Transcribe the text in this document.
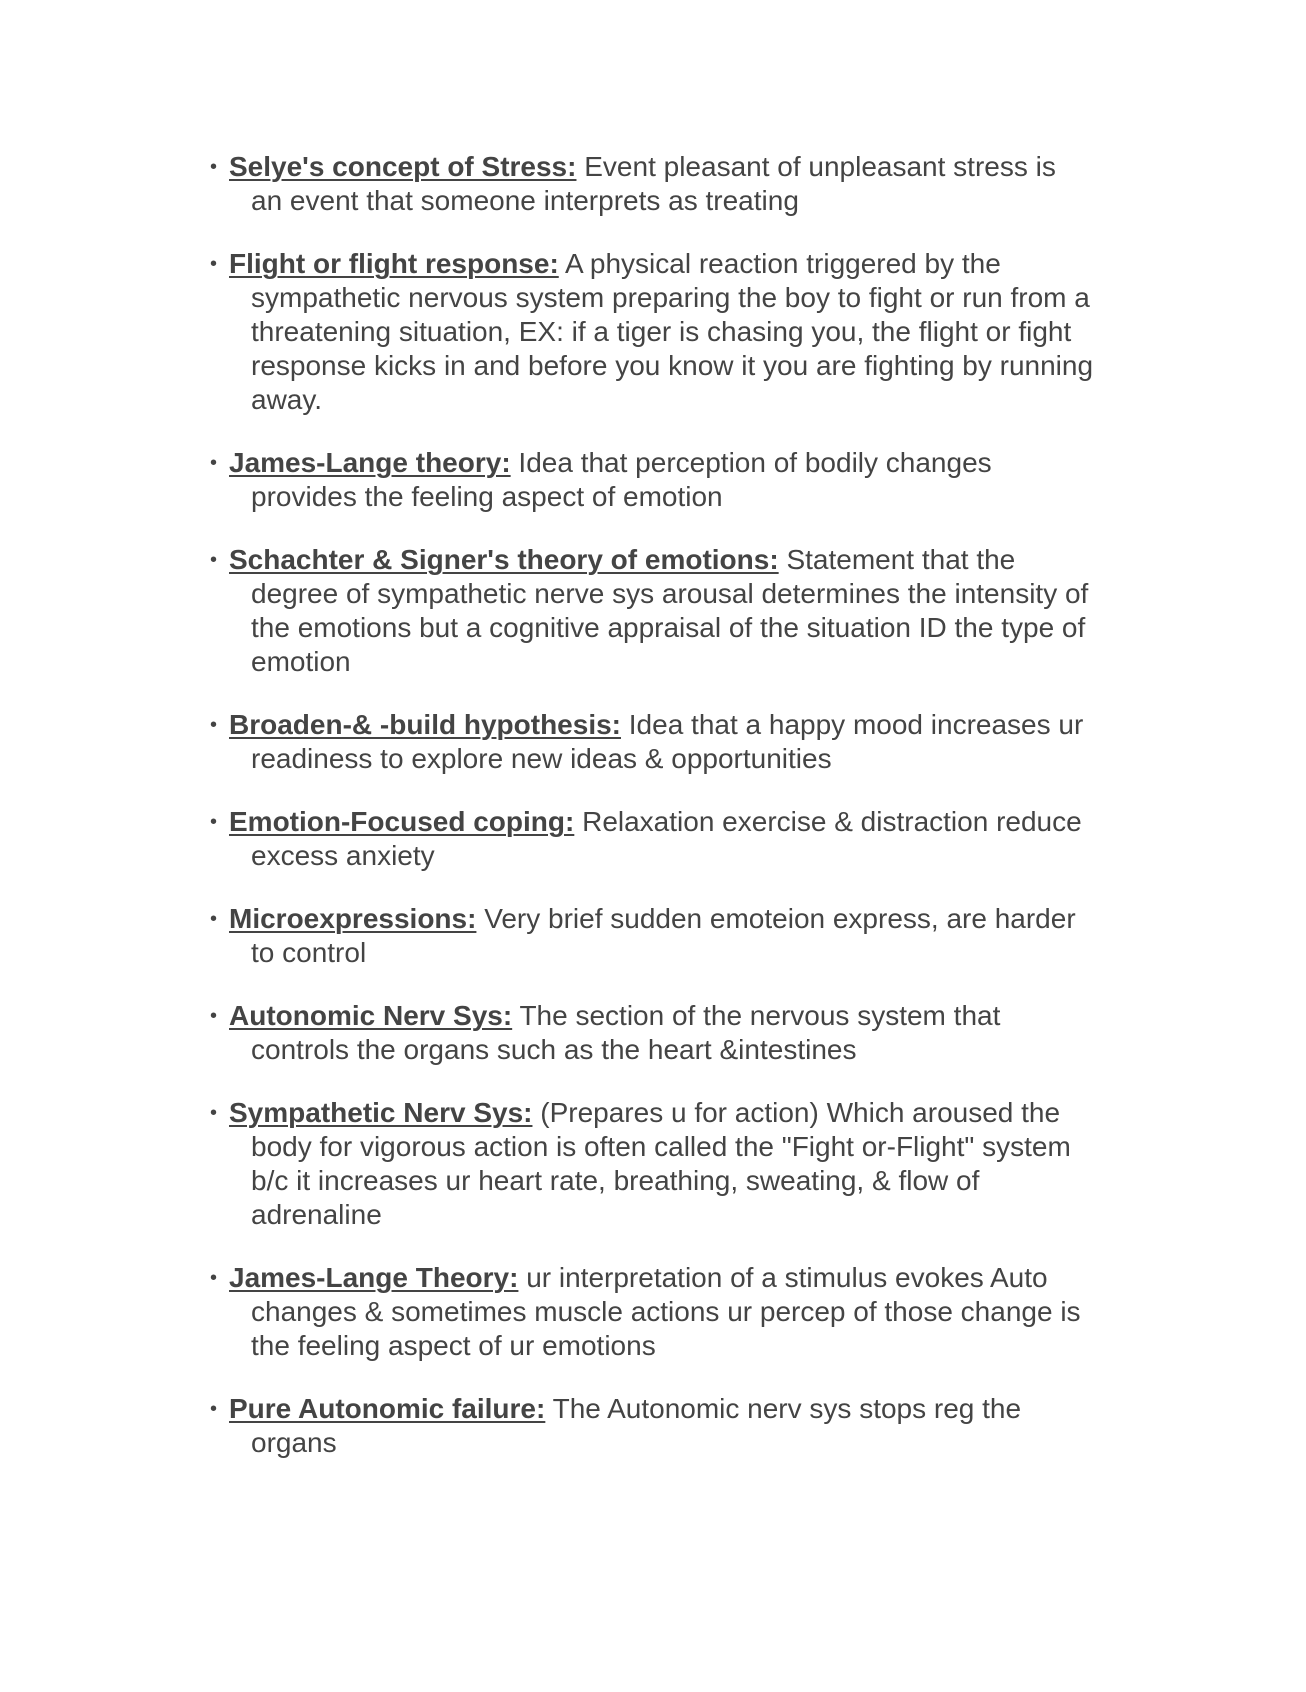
• Selye's concept of Stress: Event pleasant of unpleasant stress is
an event that someone interprets as treating
• Flight or flight response: A physical reaction triggered by the
sympathetic nervous system preparing the boy to fight or run from a
threatening situation, EX: if a tiger is chasing you, the flight or fight
response kicks in and before you know it you are fighting by running
away.
• James-Lange theory: Idea that perception of bodily changes
provides the feeling aspect of emotion
• Schachter & Signer's theory of emotions: Statement that the
degree of sympathetic nerve sys arousal determines the intensity of
the emotions but a cognitive appraisal of the situation ID the type of
emotion
• Broaden-& -build hypothesis: Idea that a happy mood increases ur
readiness to explore new ideas & opportunities
• Emotion-Focused coping: Relaxation exercise & distraction reduce
excess anxiety
• Microexpressions: Very brief sudden emoteion express, are harder
to control
• Autonomic Nerv Sys: The section of the nervous system that
controls the organs such as the heart &intestines
• Sympathetic Nerv Sys: (Prepares u for action) Which aroused the
body for vigorous action is often called the "Fight or-Flight" system
b/c it increases ur heart rate, breathing, sweating, & flow of
adrenaline
• James-Lange Theory: ur interpretation of a stimulus evokes Auto
changes & sometimes muscle actions ur percep of those change is
the feeling aspect of ur emotions
• Pure Autonomic failure: The Autonomic nerv sys stops reg the
organs
